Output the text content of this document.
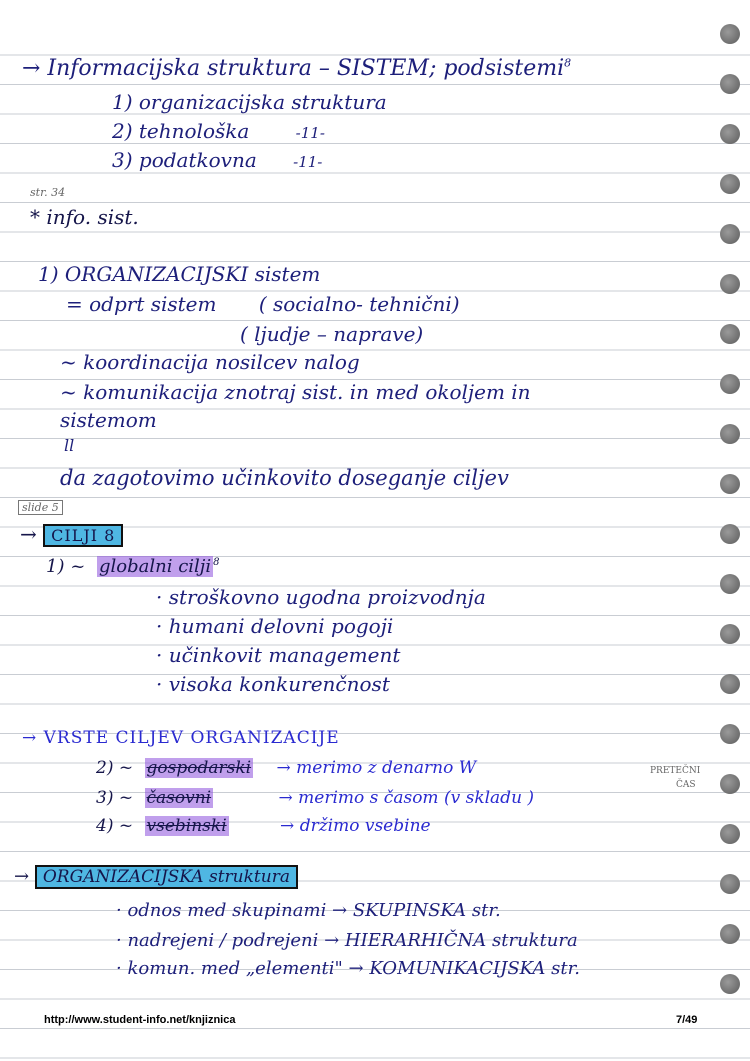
→ Informacijska struktura – SISTEM; podsistemi$^8$
1) organizacijska struktura
2) tehnološka	-11-
3) podatkovna -11-
str. 34
* info. sist.
1) ORGANIZACIJSKI sistem
= odprt sistem ( socialno- tehnični)
( ljudje – naprave)
~ koordinacija nosilcev nalog
~ komunikacija znotraj sist. in med okoljem in
sistemom
ll
da zagotovimo učinkovito doseganje ciljev
slide 5
→ CILJI 8
1) ~ globalni cilji $^8$
· stroškovno ugodna proizvodnja
· humani delovni pogoji
· učinkovit management
· visoka konkurenčnost
→ VRSTE CILJEV ORGANIZACIJE
2) ~ gospodarski → merimo z denarno W	PRETEČNI
ČAS
3) ~ časovni	→ merimo s časom (v skladu )
4) ~ vsebinski	→ držimo vsebine
→ ORGANIZACIJSKA struktura
· odnos med skupinami → SKUPINSKA str.
· nadrejeni / podrejeni → HIERARHIČNA struktura
· komun. med „elementi" → KOMUNIKACIJSKA str.
http://www.student-info.net/knjiznica	7/49
